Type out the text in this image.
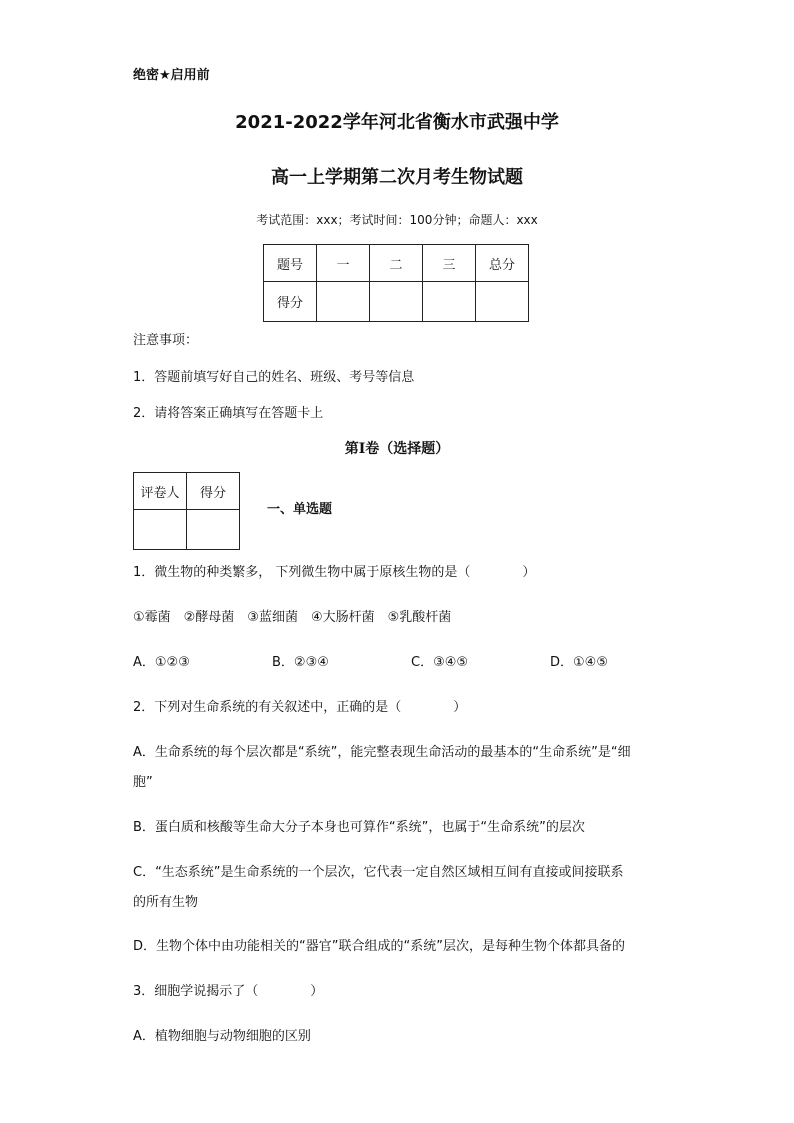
绝密★启用前
2021-2022学年河北省衡水市武强中学
高一上学期第二次月考生物试题
考试范围：xxx；考试时间：100分钟；命题人：xxx
题号	一	二	三	总分
得分				
注意事项：
1．答题前填写好自己的姓名、班级、考号等信息
2．请将答案正确填写在答题卡上
第I卷（选择题）
评卷人	得分

一、单选题
1．微生物的种类繁多， 下列微生物中属于原核生物的是（　　　　）
①霉菌　②酵母菌　③蓝细菌　④大肠杆菌　⑤乳酸杆菌
A．①②③	B．②③④	C．③④⑤	D．①④⑤
2．下列对生命系统的有关叙述中，正确的是（　　　　）
A．生命系统的每个层次都是“系统”，能完整表现生命活动的最基本的“生命系统”是“细
胞”
B．蛋白质和核酸等生命大分子本身也可算作“系统”，也属于“生命系统”的层次
C．“生态系统”是生命系统的一个层次，它代表一定自然区域相互间有直接或间接联系
的所有生物
D．生物个体中由功能相关的“器官”联合组成的“系统”层次，是每种生物个体都具备的
3．细胞学说揭示了（　　　　）
A．植物细胞与动物细胞的区别
